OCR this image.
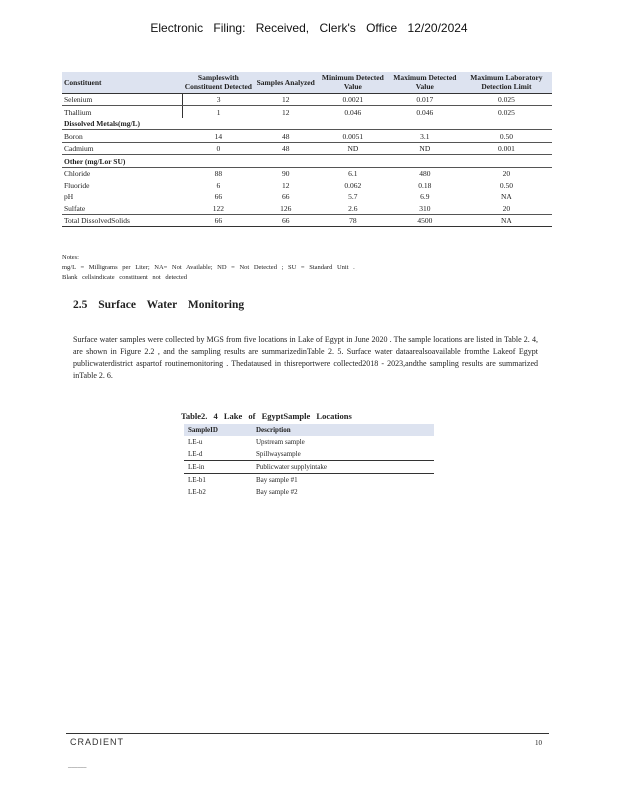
Electronic Filing: Received, Clerk's Office 12/20/2024
Constituent	Sampleswith Constituent Detected	Samples Analyzed	Minimum Detected Value	Maximum Detected Value	Maximum Laboratory Detection Limit
Selenium	3	12	0.0021	0.017	0.025
Thallium	1	12	0.046	0.046	0.025
Dissolved Metals(mg/L)					
Boron	14	48	0.0051	3.1	0.50
Cadmium	0	48	ND	ND	0.001
Other (mg/Lor SU)					
Chloride	88	90	6.1	480	20
Fluoride	6	12	0.062	0.18	0.50
pH	66	66	5.7	6.9	NA
Sulfate	122	126	2.6	310	20
Total DissolvedSolids	66	66	78	4500	NA
Notes:
mg/L = Milligrams per Liter; NA= Not Available; ND = Not Detected ; SU = Standard Unit .
Blank cellsindicate constituent not detected
2.5 Surface Water Monitoring
Surface water samples were collected by MGS from five locations in Lake of Egypt in June 2020 . The sample locations are listed in Table 2. 4, are shown in Figure 2.2 , and the sampling results are summarizedinTable 2. 5. Surface water dataarealsoavailable fromthe Lakeof Egypt publicwaterdistrict aspartof routinemonitoring . Thedataused in thisreportwere collected2018 - 2023,andthe sampling results are summarized inTable 2. 6.
Table2. 4 Lake of EgyptSample Locations
SampleID	Description
LE-u	Upstream sample
LE-d	Spillwaysample
LE-in	Publicwater supplyintake
LE-b1	Bay sample #1
LE-b2	Bay sample #2
CRADIENT	10
▁▁▁▁▁▁
